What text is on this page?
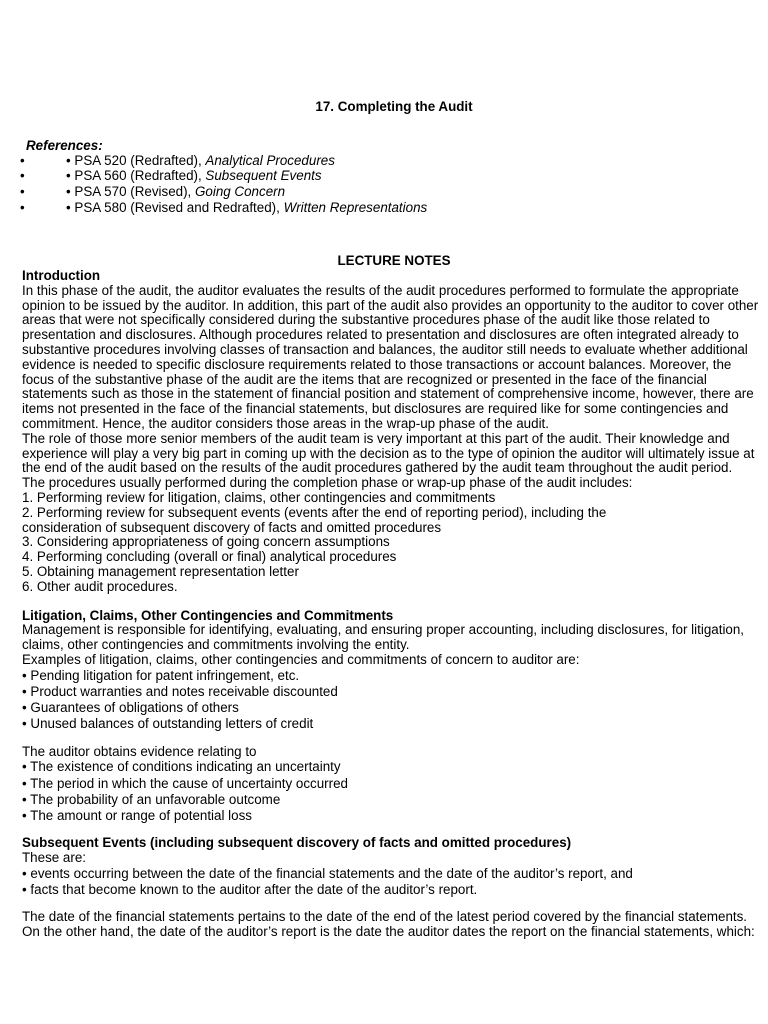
17. Completing the Audit
References:
•	• PSA 520 (Redrafted), Analytical Procedures
•	• PSA 560 (Redrafted), Subsequent Events
•	• PSA 570 (Revised), Going Concern
•	• PSA 580 (Revised and Redrafted), Written Representations
LECTURE NOTES
Introduction

In this phase of the audit, the auditor evaluates the results of the audit procedures performed to formulate the appropriate opinion to be issued by the auditor. In addition, this part of the audit also provides an opportunity to the auditor to cover other areas that were not specifically considered during the substantive procedures phase of the audit like those related to presentation and disclosures. Although procedures related to presentation and disclosures are often integrated already to substantive procedures involving classes of transaction and balances, the auditor still needs to evaluate whether additional evidence is needed to specific disclosure requirements related to those transactions or account balances. Moreover, the focus of the substantive phase of the audit are the items that are recognized or presented in the face of the financial statements such as those in the statement of financial position and statement of comprehensive income, however, there are items not presented in the face of the financial statements, but disclosures are required like for some contingencies and commitment. Hence, the auditor considers those areas in the wrap-up phase of the audit.

The role of those more senior members of the audit team is very important at this part of the audit. Their knowledge and experience will play a very big part in coming up with the decision as to the type of opinion the auditor will ultimately issue at the end of the audit based on the results of the audit procedures gathered by the audit team throughout the audit period.

The procedures usually performed during the completion phase or wrap-up phase of the audit includes:

1. Performing review for litigation, claims, other contingencies and commitments

2. Performing review for subsequent events (events after the end of reporting period), including the

consideration of subsequent discovery of facts and omitted procedures

3. Considering appropriateness of going concern assumptions

4. Performing concluding (overall or final) analytical procedures

5. Obtaining management representation letter

6. Other audit procedures.

Litigation, Claims, Other Contingencies and Commitments

Management is responsible for identifying, evaluating, and ensuring proper accounting, including disclosures, for litigation, claims, other contingencies and commitments involving the entity.

Examples of litigation, claims, other contingencies and commitments of concern to auditor are:

• Pending litigation for patent infringement, etc.

• Product warranties and notes receivable discounted

• Guarantees of obligations of others

• Unused balances of outstanding letters of credit

The auditor obtains evidence relating to

• The existence of conditions indicating an uncertainty

• The period in which the cause of uncertainty occurred

• The probability of an unfavorable outcome

• The amount or range of potential loss

Subsequent Events (including subsequent discovery of facts and omitted procedures)

These are:

• events occurring between the date of the financial statements and the date of the auditor’s report, and

• facts that become known to the auditor after the date of the auditor’s report.

The date of the financial statements pertains to the date of the end of the latest period covered by the financial statements. On the other hand, the date of the auditor’s report is the date the auditor dates the report on the financial statements, which:
